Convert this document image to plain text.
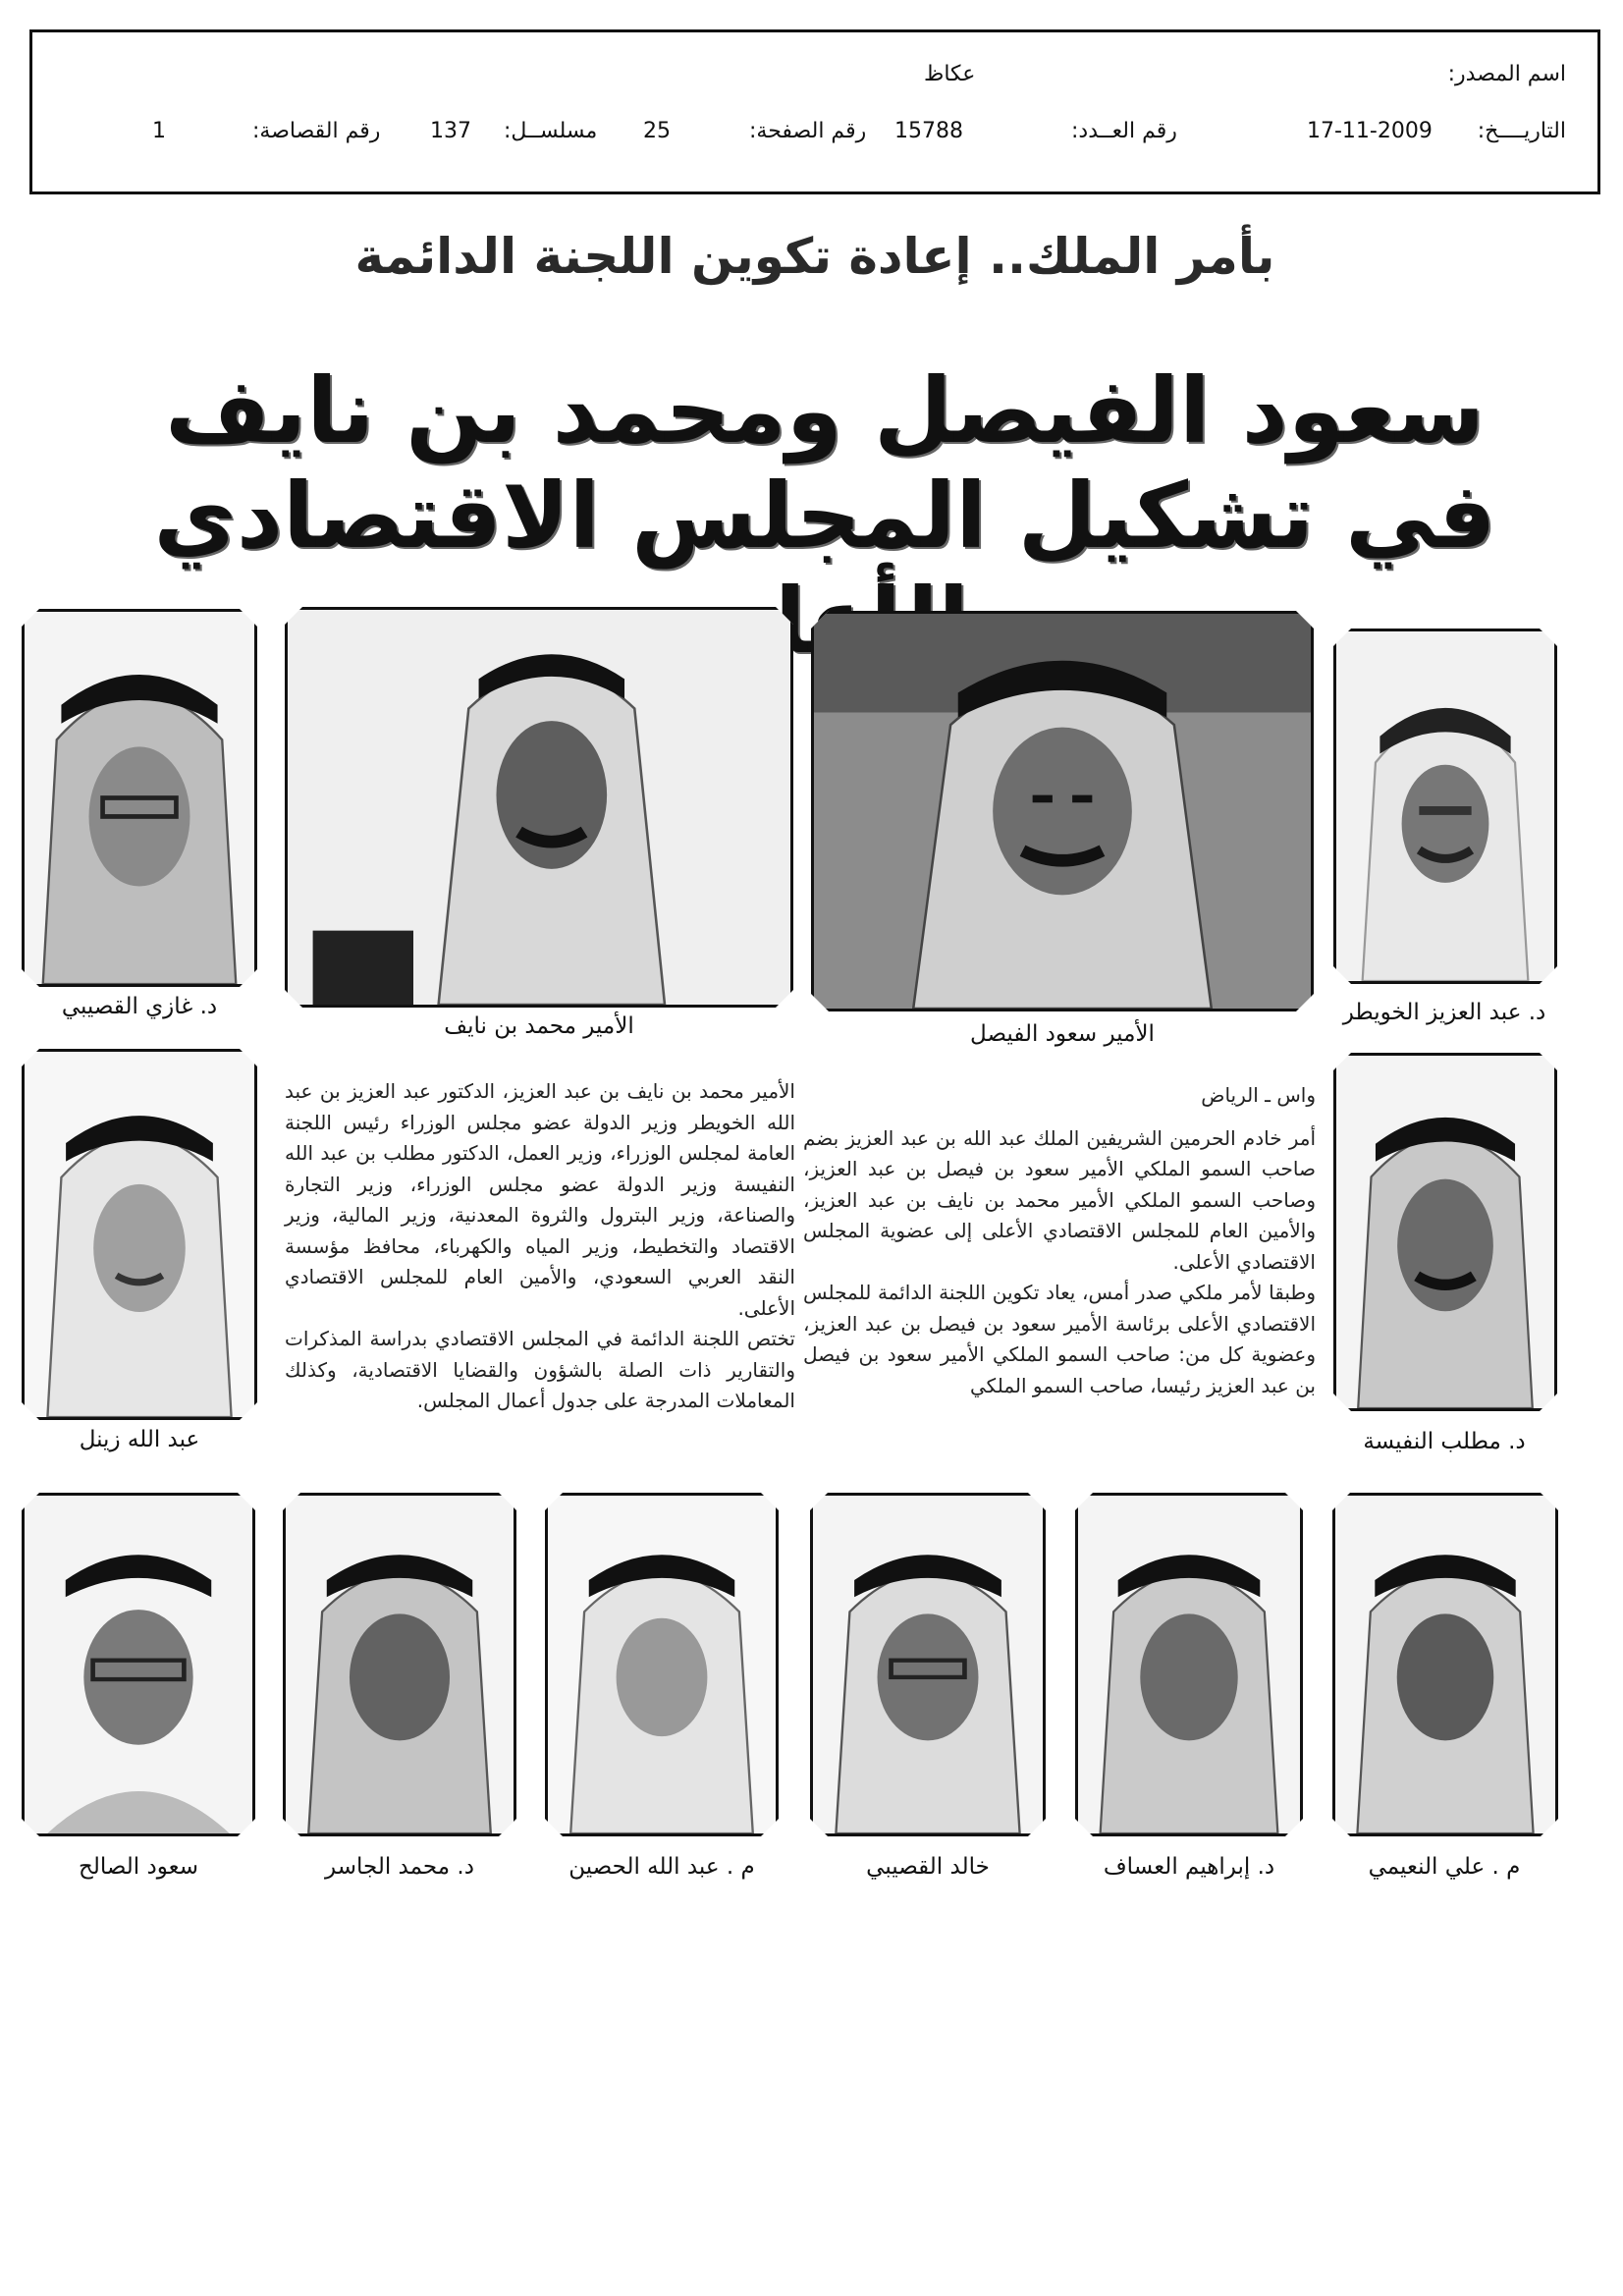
اسم المصدر:
عكاظ
التاريــــخ:
17-11-2009
رقم العــدد:
15788
رقم الصفحة:
25
مسلســل:
137
رقم القصاصة:
1
بأمر الملك.. إعادة تكوين اللجنة الدائمة
سعود الفيصل ومحمد بن نايف في تشكيل المجلس الاقتصادي
د. عبد العزيز الخويطر
الأمير سعود الفيصل
الأمير محمد بن نايف
د. غازي القصيبي
د. مطلب النفيسة
عبد الله زينل

واس ـ الرياض

أمر خادم الحرمين الشريفين الملك عبد الله بن عبد العزيز بضم صاحب السمو الملكي الأمير سعود بن فيصل بن عبد العزيز، وصاحب السمو الملكي الأمير محمد بن نايف بن عبد العزيز، والأمين العام للمجلس الاقتصادي الأعلى إلى عضوية المجلس الاقتصادي الأعلى.

وطبقا لأمر ملكي صدر أمس، يعاد تكوين اللجنة الدائمة للمجلس الاقتصادي الأعلى برئاسة الأمير سعود بن فيصل بن عبد العزيز، وعضوية كل من: صاحب السمو الملكي الأمير سعود بن فيصل بن عبد العزيز رئيسا، صاحب السمو الملكي

الأمير محمد بن نايف بن عبد العزيز، الدكتور عبد العزيز بن عبد الله الخويطر وزير الدولة عضو مجلس الوزراء رئيس اللجنة العامة لمجلس الوزراء، وزير العمل، الدكتور مطلب بن عبد الله النفيسة وزير الدولة عضو مجلس الوزراء، وزير التجارة والصناعة، وزير البترول والثروة المعدنية، وزير المالية، وزير الاقتصاد والتخطيط، وزير المياه والكهرباء، محافظ مؤسسة النقد العربي السعودي، والأمين العام للمجلس الاقتصادي الأعلى.

تختص اللجنة الدائمة في المجلس الاقتصادي بدراسة المذكرات والتقارير ذات الصلة بالشؤون والقضايا الاقتصادية، وكذلك المعاملات المدرجة على جدول أعمال المجلس.

م . علي النعيمي
د. إبراهيم العساف
خالد القصيبي
م . عبد الله الحصين
د. محمد الجاسر
سعود الصالح
